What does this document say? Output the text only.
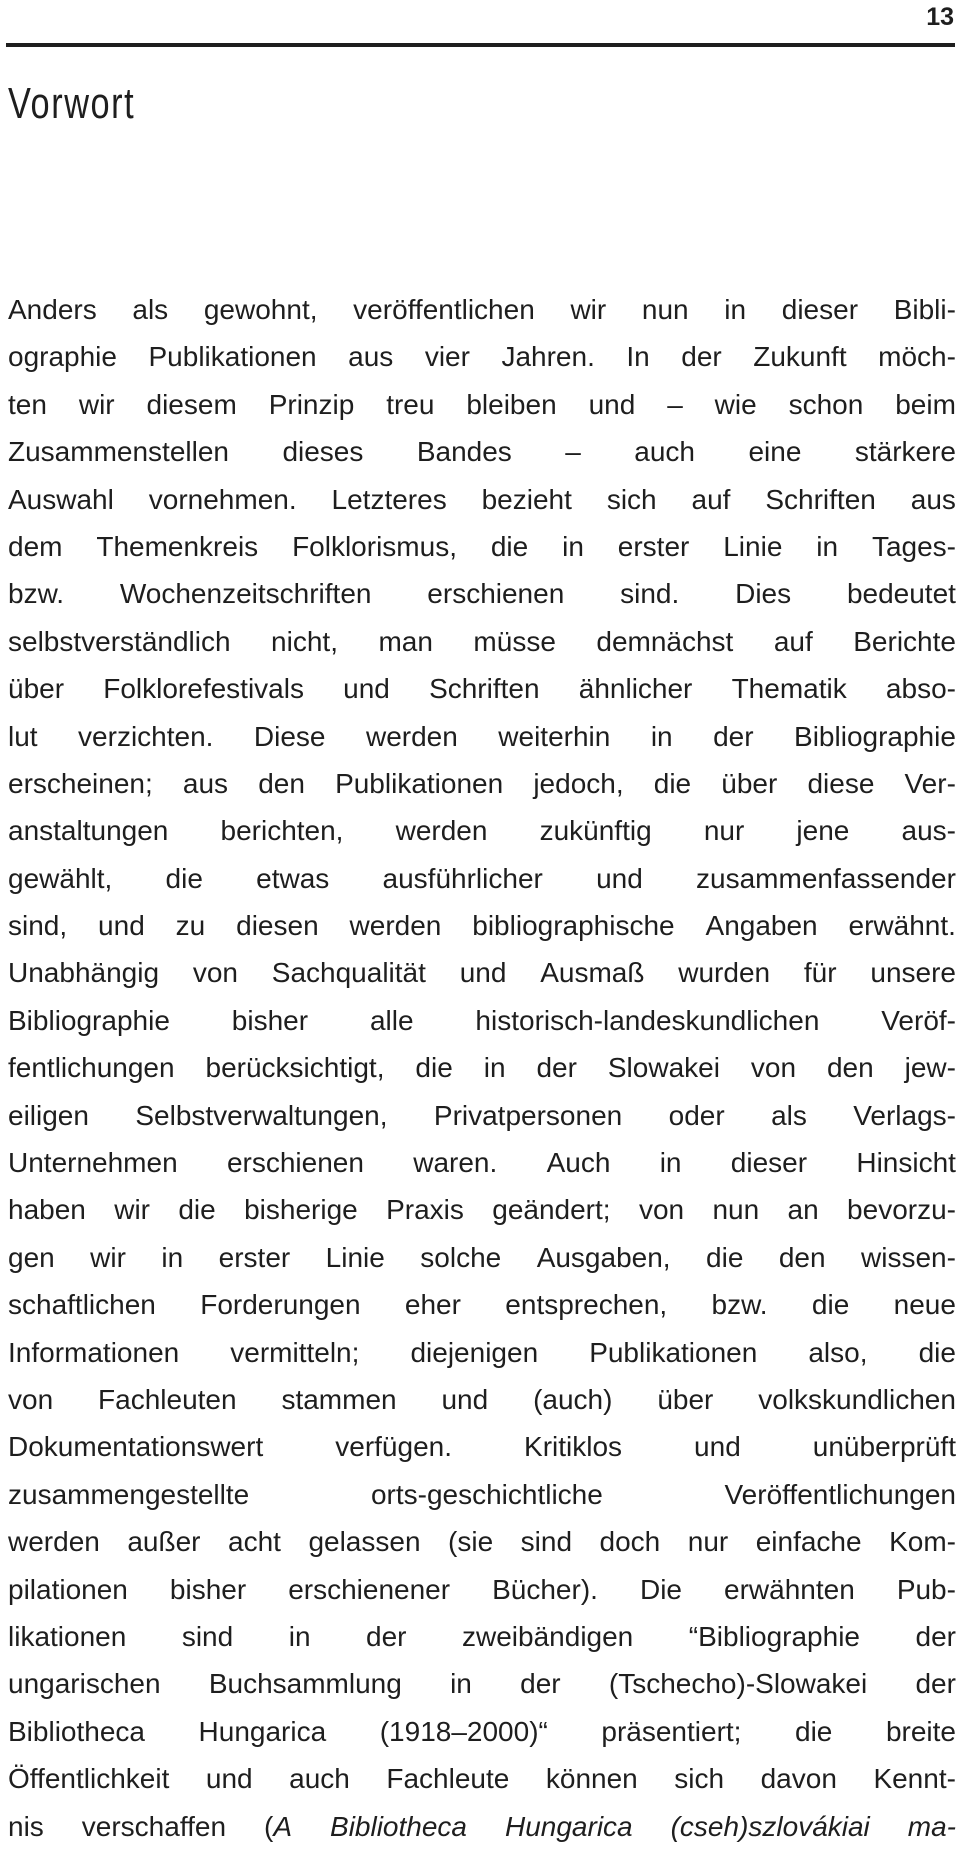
13
Vorwort
Anders als gewohnt, veröffentlichen wir nun in dieser Bibli-
ographie Publikationen aus vier Jahren. In der Zukunft möch-
ten wir diesem Prinzip treu bleiben und – wie schon beim
Zusammenstellen dieses Bandes – auch eine stärkere
Auswahl vornehmen. Letzteres bezieht sich auf Schriften aus
dem Themenkreis Folklorismus, die in erster Linie in Tages-
bzw. Wochenzeitschriften erschienen sind. Dies bedeutet
selbstverständlich nicht, man müsse demnächst auf Berichte
über Folklorefestivals und Schriften ähnlicher Thematik abso-
lut verzichten. Diese werden weiterhin in der Bibliographie
erscheinen; aus den Publikationen jedoch, die über diese Ver-
anstaltungen berichten, werden zukünftig nur jene aus-
gewählt, die etwas ausführlicher und zusammenfassender
sind, und zu diesen werden bibliographische Angaben erwähnt.
Unabhängig von Sachqualität und Ausmaß wurden für unsere
Bibliographie bisher alle historisch-landeskundlichen Veröf-
fentlichungen berücksichtigt, die in der Slowakei von den jew-
eiligen Selbstverwaltungen, Privatpersonen oder als Verlags-
Unternehmen erschienen waren. Auch in dieser Hinsicht
haben wir die bisherige Praxis geändert; von nun an bevorzu-
gen wir in erster Linie solche Ausgaben, die den wissen-
schaftlichen Forderungen eher entsprechen, bzw. die neue
Informationen vermitteln; diejenigen Publikationen also, die
von Fachleuten stammen und (auch) über volkskundlichen
Dokumentationswert	verfügen.	Kritiklos	und	unüberprüft
zusammengestellte	orts-geschichtliche	Veröffentlichungen
werden außer acht gelassen (sie sind doch nur einfache Kom-
pilationen bisher erschienener Bücher). Die erwähnten Pub-
likationen sind in der zweibändigen “Bibliographie der
ungarischen Buchsammlung in der (Tschecho)-Slowakei der
Bibliotheca Hungarica (1918–2000)“ präsentiert; die breite
Öffentlichkeit und auch Fachleute können sich davon Kennt-
nis verschaffen (A Bibliotheca Hungarica (cseh)szlovákiai ma-
